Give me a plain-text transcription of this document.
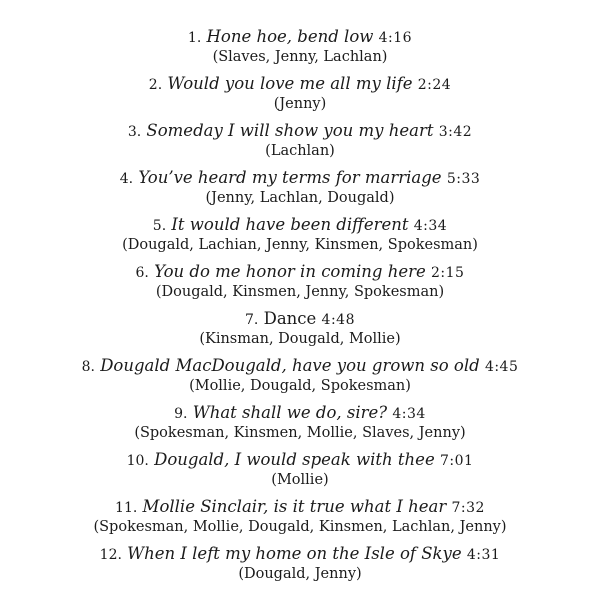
1. Hone hoe, bend low 4:16
(Slaves, Jenny, Lachlan)
2. Would you love me all my life 2:24
(Jenny)
3. Someday I will show you my heart 3:42
(Lachlan)
4. You’ve heard my terms for marriage 5:33
(Jenny, Lachlan, Dougald)
5. It would have been different 4:34
(Dougald, Lachian, Jenny, Kinsmen, Spokesman)
6. You do me honor in coming here 2:15
(Dougald, Kinsmen, Jenny, Spokesman)
7. Dance 4:48
(Kinsman, Dougald, Mollie)
8. Dougald MacDougald, have you grown so old 4:45
(Mollie, Dougald, Spokesman)
9. What shall we do, sire? 4:34
(Spokesman, Kinsmen, Mollie, Slaves, Jenny)
10. Dougald, I would speak with thee 7:01
(Mollie)
11. Mollie Sinclair, is it true what I hear 7:32
(Spokesman, Mollie, Dougald, Kinsmen, Lachlan, Jenny)
12. When I left my home on the Isle of Skye 4:31
(Dougald, Jenny)
